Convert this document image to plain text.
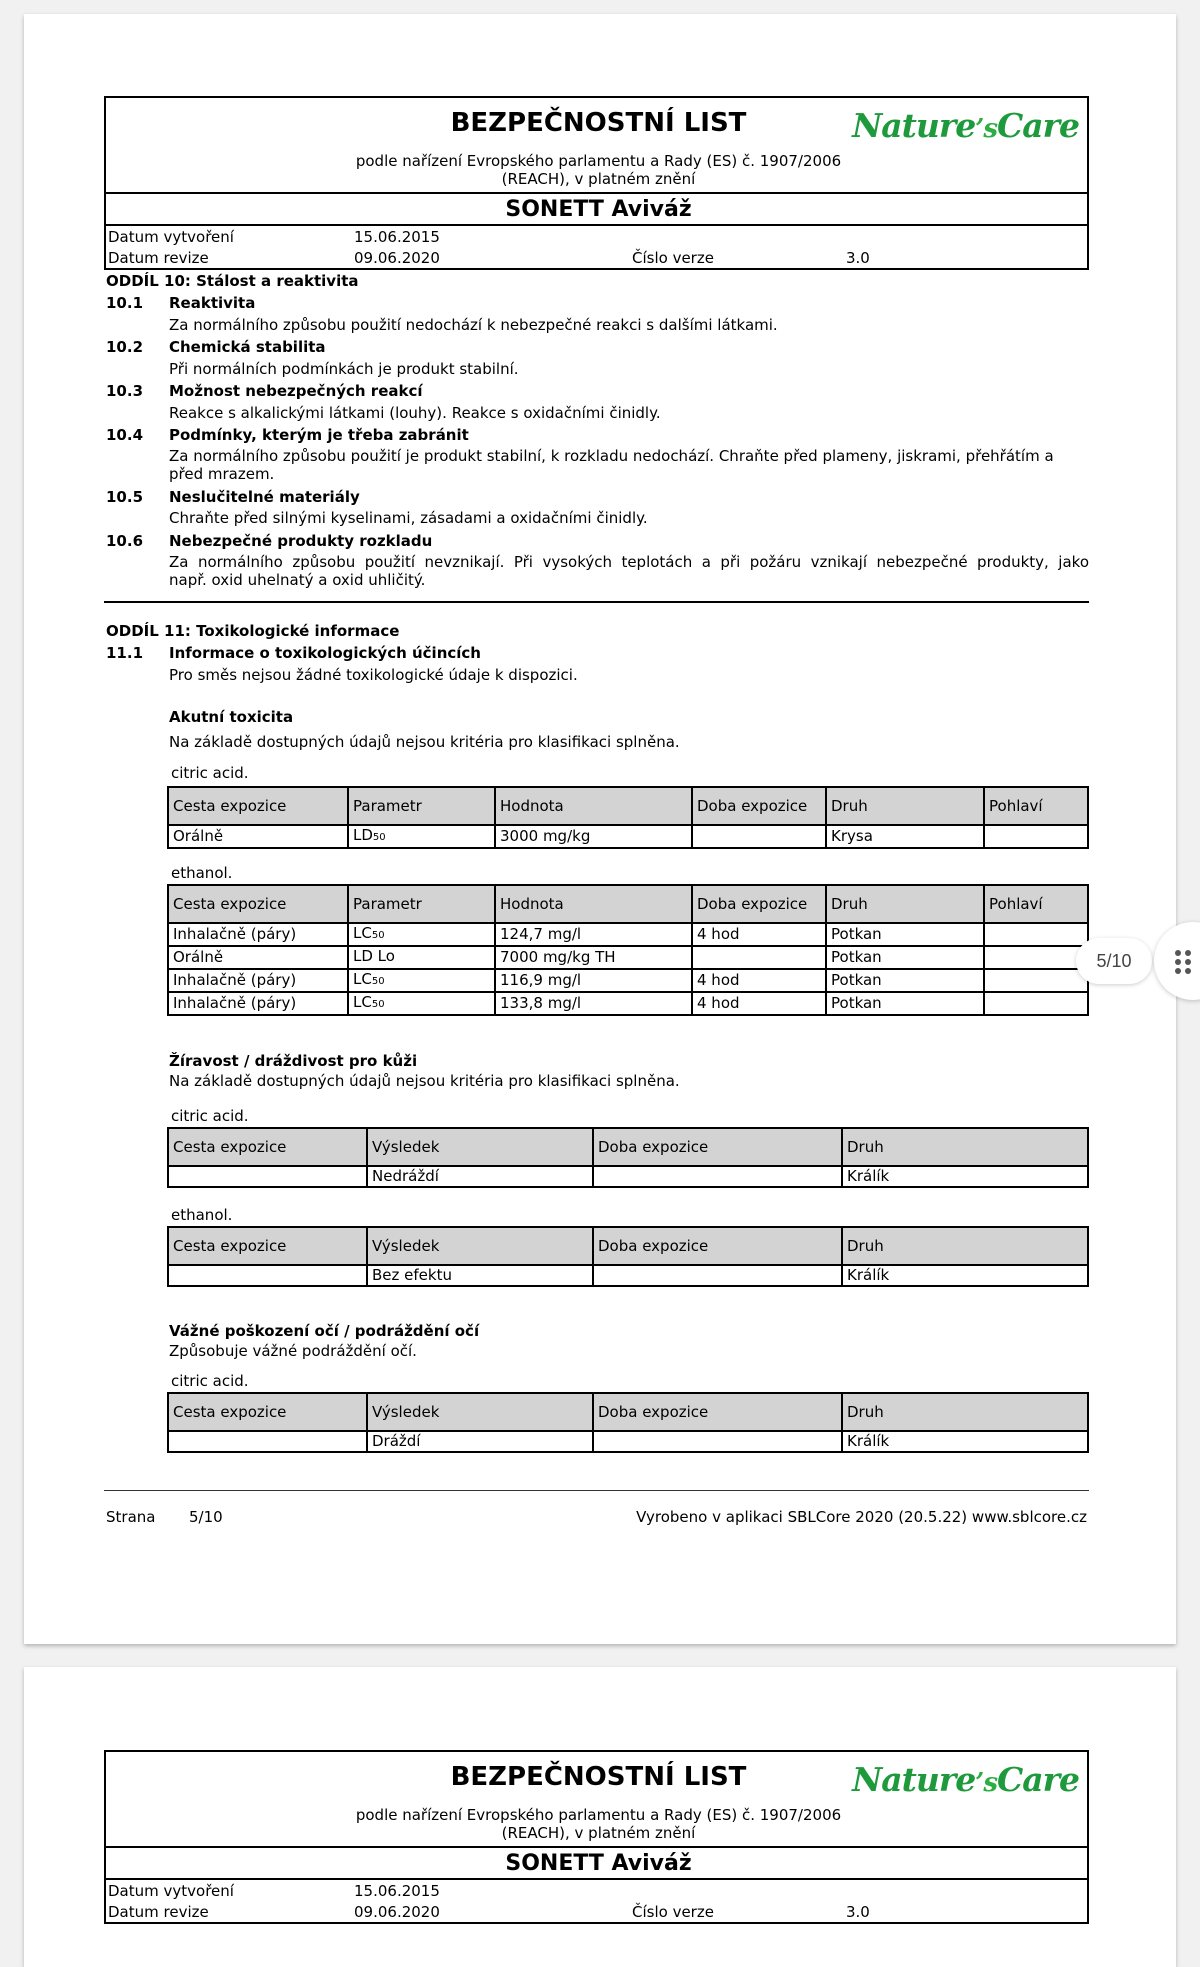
BEZPEČNOSTNÍ LIST
podle nařízení Evropského parlamentu a Rady (ES) č. 1907/2006
(REACH), v platném znění
Nature’sCare
SONETT Aviváž
Datum vytvoření	15.06.2015
Datum revize	09.06.2020	Číslo verze	3.0
ODDÍL 10: Stálost a reaktivita
10.1 Reaktivita
Za normálního způsobu použití nedochází k nebezpečné reakci s dalšími látkami.
10.2 Chemická stabilita
Při normálních podmínkách je produkt stabilní.
10.3 Možnost nebezpečných reakcí
Reakce s alkalickými látkami (louhy). Reakce s oxidačními činidly.
10.4 Podmínky, kterým je třeba zabránit
Za normálního způsobu použití je produkt stabilní, k rozkladu nedochází. Chraňte před plameny, jiskrami, přehřátím a
před mrazem.
10.5 Neslučitelné materiály
Chraňte před silnými kyselinami, zásadami a oxidačními činidly.
10.6 Nebezpečné produkty rozkladu
Za normálního způsobu použití nevznikají. Při vysokých teplotách a při požáru vznikají nebezpečné produkty, jako
např. oxid uhelnatý a oxid uhličitý.
ODDÍL 11: Toxikologické informace
11.1 Informace o toxikologických účincích
Pro směs nejsou žádné toxikologické údaje k dispozici.
Akutní toxicita
Na základě dostupných údajů nejsou kritéria pro klasifikaci splněna.
citric acid.
Cesta expozice	Parametr	Hodnota	Doba expozice	Druh	Pohlaví
Orálně	LD50	3000 mg/kg		Krysa	
ethanol.
Cesta expozice	Parametr	Hodnota	Doba expozice	Druh	Pohlaví
Inhalačně (páry)	LC50	124,7 mg/l	4 hod	Potkan	
Orálně	LD Lo	7000 mg/kg TH		Potkan	
Inhalačně (páry)	LC50	116,9 mg/l	4 hod	Potkan	
Inhalačně (páry)	LC50	133,8 mg/l	4 hod	Potkan	
Žíravost / dráždivost pro kůži
Na základě dostupných údajů nejsou kritéria pro klasifikaci splněna.
citric acid.
Cesta expozice	Výsledek	Doba expozice	Druh
	Nedráždí		Králík
ethanol.
Cesta expozice	Výsledek	Doba expozice	Druh
	Bez efektu		Králík
Vážné poškození očí / podráždění očí
Způsobuje vážné podráždění očí.
citric acid.
Cesta expozice	Výsledek	Doba expozice	Druh
	Dráždí		Králík
Strana 5/10	Vyrobeno v aplikaci SBLCore 2020 (20.5.22) www.sblcore.cz
BEZPEČNOSTNÍ LIST
podle nařízení Evropského parlamentu a Rady (ES) č. 1907/2006
(REACH), v platném znění
Nature’sCare
SONETT Aviváž
Datum vytvoření	15.06.2015
Datum revize	09.06.2020	Číslo verze	3.0
5/10
